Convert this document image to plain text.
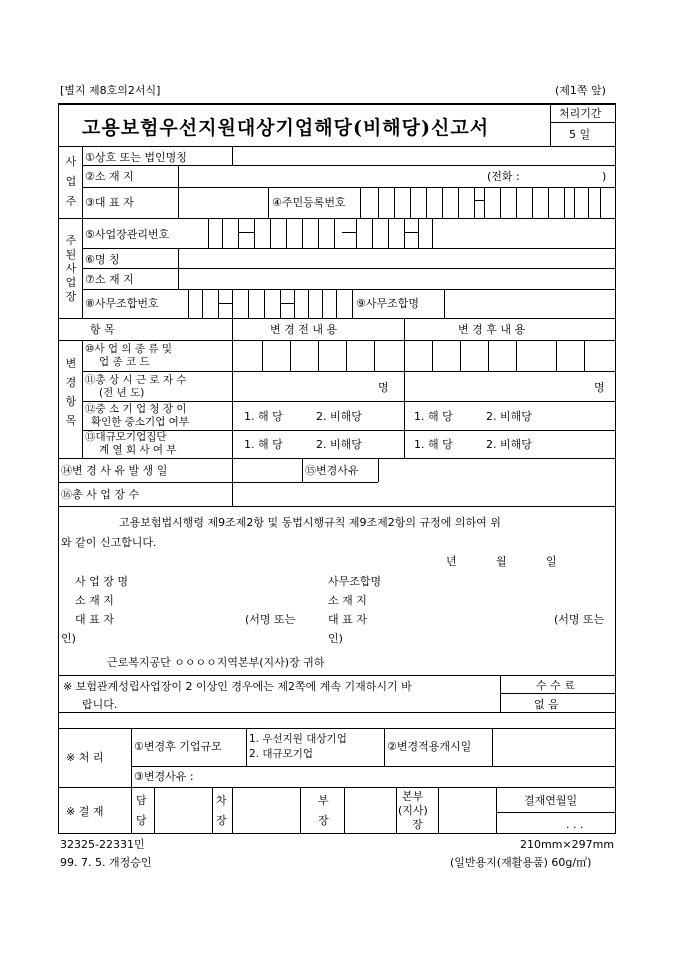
[별지 제8호의2서식]	(제1쪽 앞)
고용보험우선지원대상기업해당(비해당)신고서
처리기간
5 일
사
업
주
①상호 또는 법인명칭
②소 재 지	(전화 :	)
③대 표 자	④주민등록번호
주
된
사
업
장
⑤사업장관리번호
⑥명 칭
⑦소 재 지
⑧사무조합번호	⑨사무조합명
항 목	변 경 전 내 용	변 경 후 내 용
변
경
항
목
⑩사 업 의 종 류 및
업 종 코 드
⑪총 상 시 근 로 자 수
(전 년 도)	명	명
⑫중 소 기 업 청 장 이
확인한 중소기업 여부	1. 해 당	2. 비해당	1. 해 당	2. 비해당
⑬대규모기업집단
계 열 회 사 여 부	1. 해 당	2. 비해당	1. 해 당	2. 비해당
⑭변 경 사 유 발 생 일	⑮변경사유
⑯총 사 업 장 수
고용보험법시행령 제9조제2항 및 동법시행규칙 제9조제2항의 규정에 의하여 위
와 같이 신고합니다.
년	월	일
사 업 장 명
소 재 지
대 표 자	(서명 또는
인)
사무조합명
소 재 지
대 표 자	(서명 또는
인)
근로복지공단 ㅇㅇㅇㅇ지역본부(지사)장 귀하
※ 보험관계성립사업장이 2 이상인 경우에는 제2쪽에 계속 기재하시기 바
랍니다.
수 수 료
없 음
※ 처 리
①변경후 기업규모
1. 우선지원 대상기업
2. 대규모기업
②변경적용개시일
③변경사유 :
※ 결 재
담
당
차
장
부
장
본부
(지사)
장
결재연월일
. . .
32325-22331민
99. 7. 5. 개정승인
210mm×297mm
(일반용지(재활용품) 60g/㎡)
